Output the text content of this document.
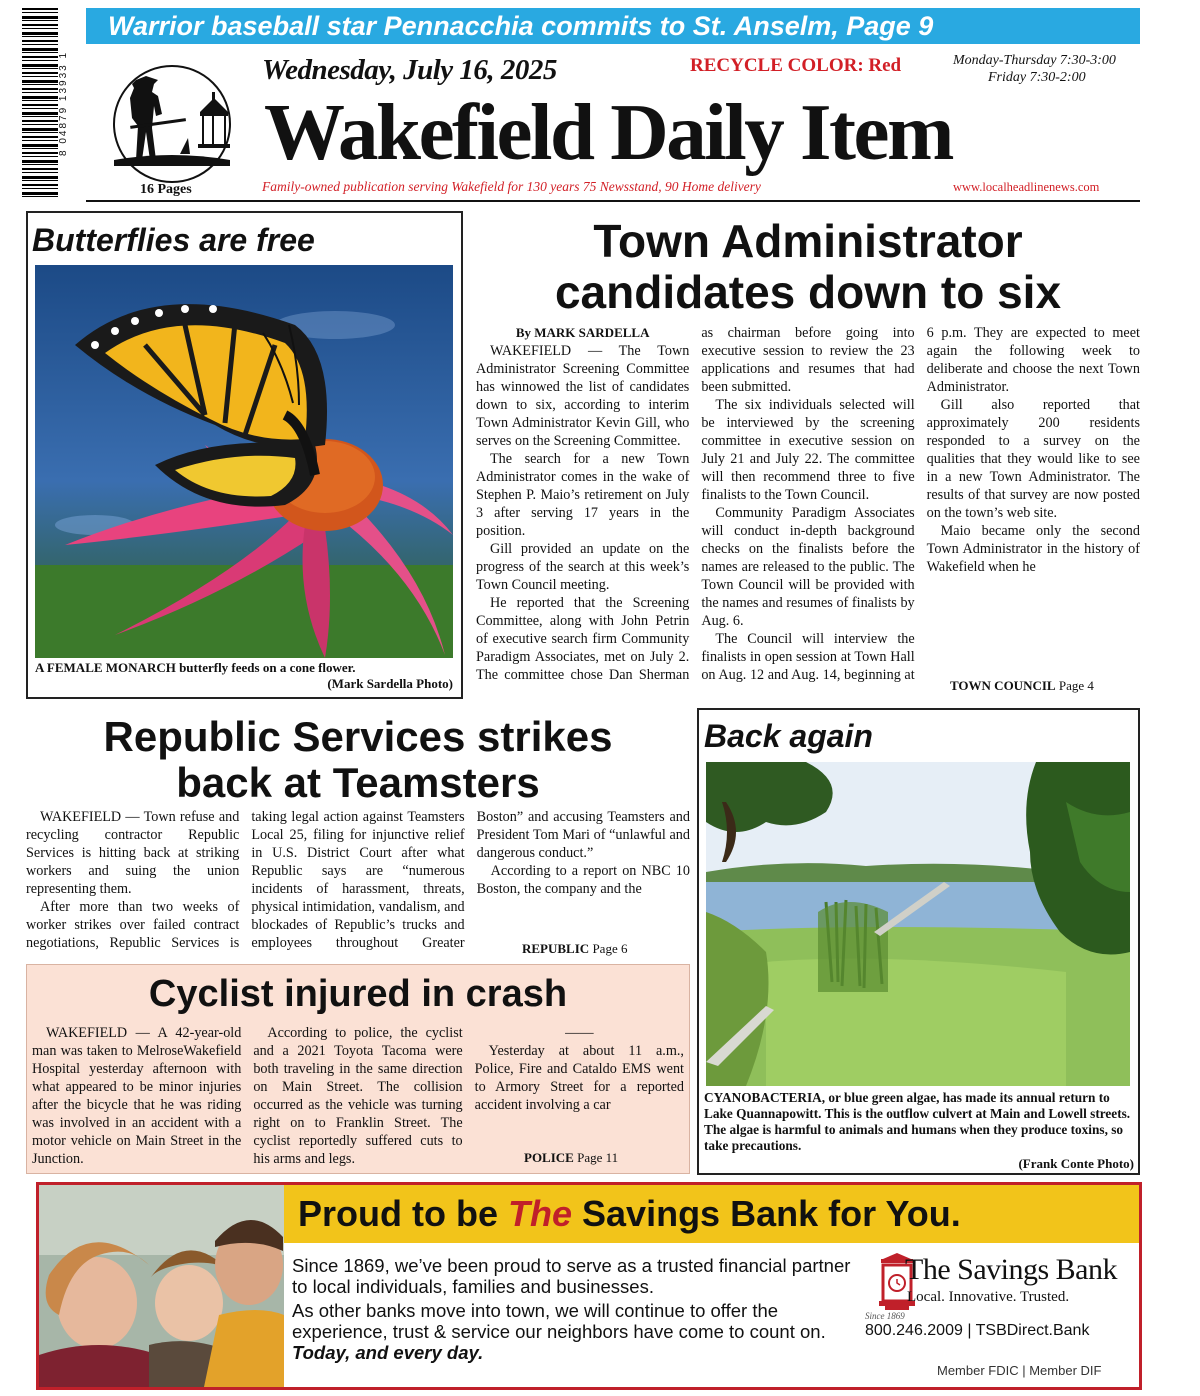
Warrior baseball star Pennacchia commits to St. Anselm, Page 9
8 04879 13933 1
16 Pages
Wednesday, July 16, 2025	RECYCLE COLOR: Red	Monday-Thursday 7:30-3:00
Friday 7:30-2:00
Wakefield Daily Item
Family-owned publication serving Wakefield for 130 years 75 Newsstand, 90 Home delivery	www.localheadlinenews.com
Butterflies are free
A FEMALE MONARCH butterfly feeds on a cone flower.
(Mark Sardella Photo)
Town Administrator
candidates down to six

By MARK SARDELLA

WAKEFIELD — The Town Administrator Screening Committee has winnowed the list of candidates down to six, according to interim Town Administrator Kevin Gill, who serves on the Screening Committee.

The search for a new Town Administrator comes in the wake of Stephen P. Maio’s retirement on July 3 after serving 17 years in the position.

Gill provided an update on the progress of the search at this week’s Town Council meeting.

He reported that the Screening Committee, along with John Petrin of executive search firm Community Paradigm Associates, met on July 2. The committee chose Dan Sherman as chairman before going into executive session to review the 23 applications and resumes that had been submitted.

The six individuals selected will be interviewed by the screening committee in executive session on July 21 and July 22. The committee will then recommend three to five finalists to the Town Council.

Community Paradigm Associates will conduct in-depth background checks on the finalists before the names are released to the public. The Town Council will be provided with the names and resumes of finalists by Aug. 6.

The Council will interview the finalists in open session at Town Hall on Aug. 12 and Aug. 14, beginning at 6 p.m. They are expected to meet again the following week to deliberate and choose the next Town Administrator.

Gill also reported that approximately 200 residents responded to a survey on the qualities that they would like to see in a new Town Administrator. The results of that survey are now posted on the town’s web site.

Maio became only the second Town Administrator in the history of Wakefield when he

TOWN COUNCIL Page 4
Republic Services strikes
back at Teamsters

WAKEFIELD — Town refuse and recycling contractor Republic Services is hitting back at striking workers and suing the union representing them.

After more than two weeks of worker strikes over failed contract negotiations, Republic Services is taking legal action against Teamsters Local 25, filing for injunctive relief in U.S. District Court after what Republic says are “numerous incidents of harassment, threats, physical intimidation, vandalism, and blockades of Republic’s trucks and employees throughout Greater Boston” and accusing Teamsters and President Tom Mari of “unlawful and dangerous conduct.”

According to a report on NBC 10 Boston, the company and the

REPUBLIC Page 6
Back again
CYANOBACTERIA, or blue green algae, has made its annual return to Lake Quannapowitt. This is the outflow culvert at Main and Lowell streets. The algae is harmful to animals and humans when they produce toxins, so take precautions.
(Frank Conte Photo)
Cyclist injured in crash

WAKEFIELD — A 42-year-old man was taken to MelroseWakefield Hospital yesterday afternoon with what appeared to be minor injuries after the bicycle that he was riding was involved in an accident with a motor vehicle on Main Street in the Junction.

According to police, the cyclist and a 2021 Toyota Tacoma were both traveling in the same direction on Main Street. The collision occurred as the vehicle was turning right on to Franklin Street. The cyclist reportedly suffered cuts to his arms and legs.

——

Yesterday at about 11 a.m., Police, Fire and Cataldo EMS went to Armory Street for a reported accident involving a car

POLICE Page 11
Proud to be The Savings Bank for You.

Since 1869, we’ve been proud to serve as a trusted financial partner to local individuals, families and businesses.

As other banks move into town, we will continue to offer the experience, trust & service our neighbors have come to count on. Today, and every day.

The Savings Bank
Local. Innovative. Trusted.
Since 1869
800.246.2009 | TSBDirect.Bank
Member FDIC | Member DIF
